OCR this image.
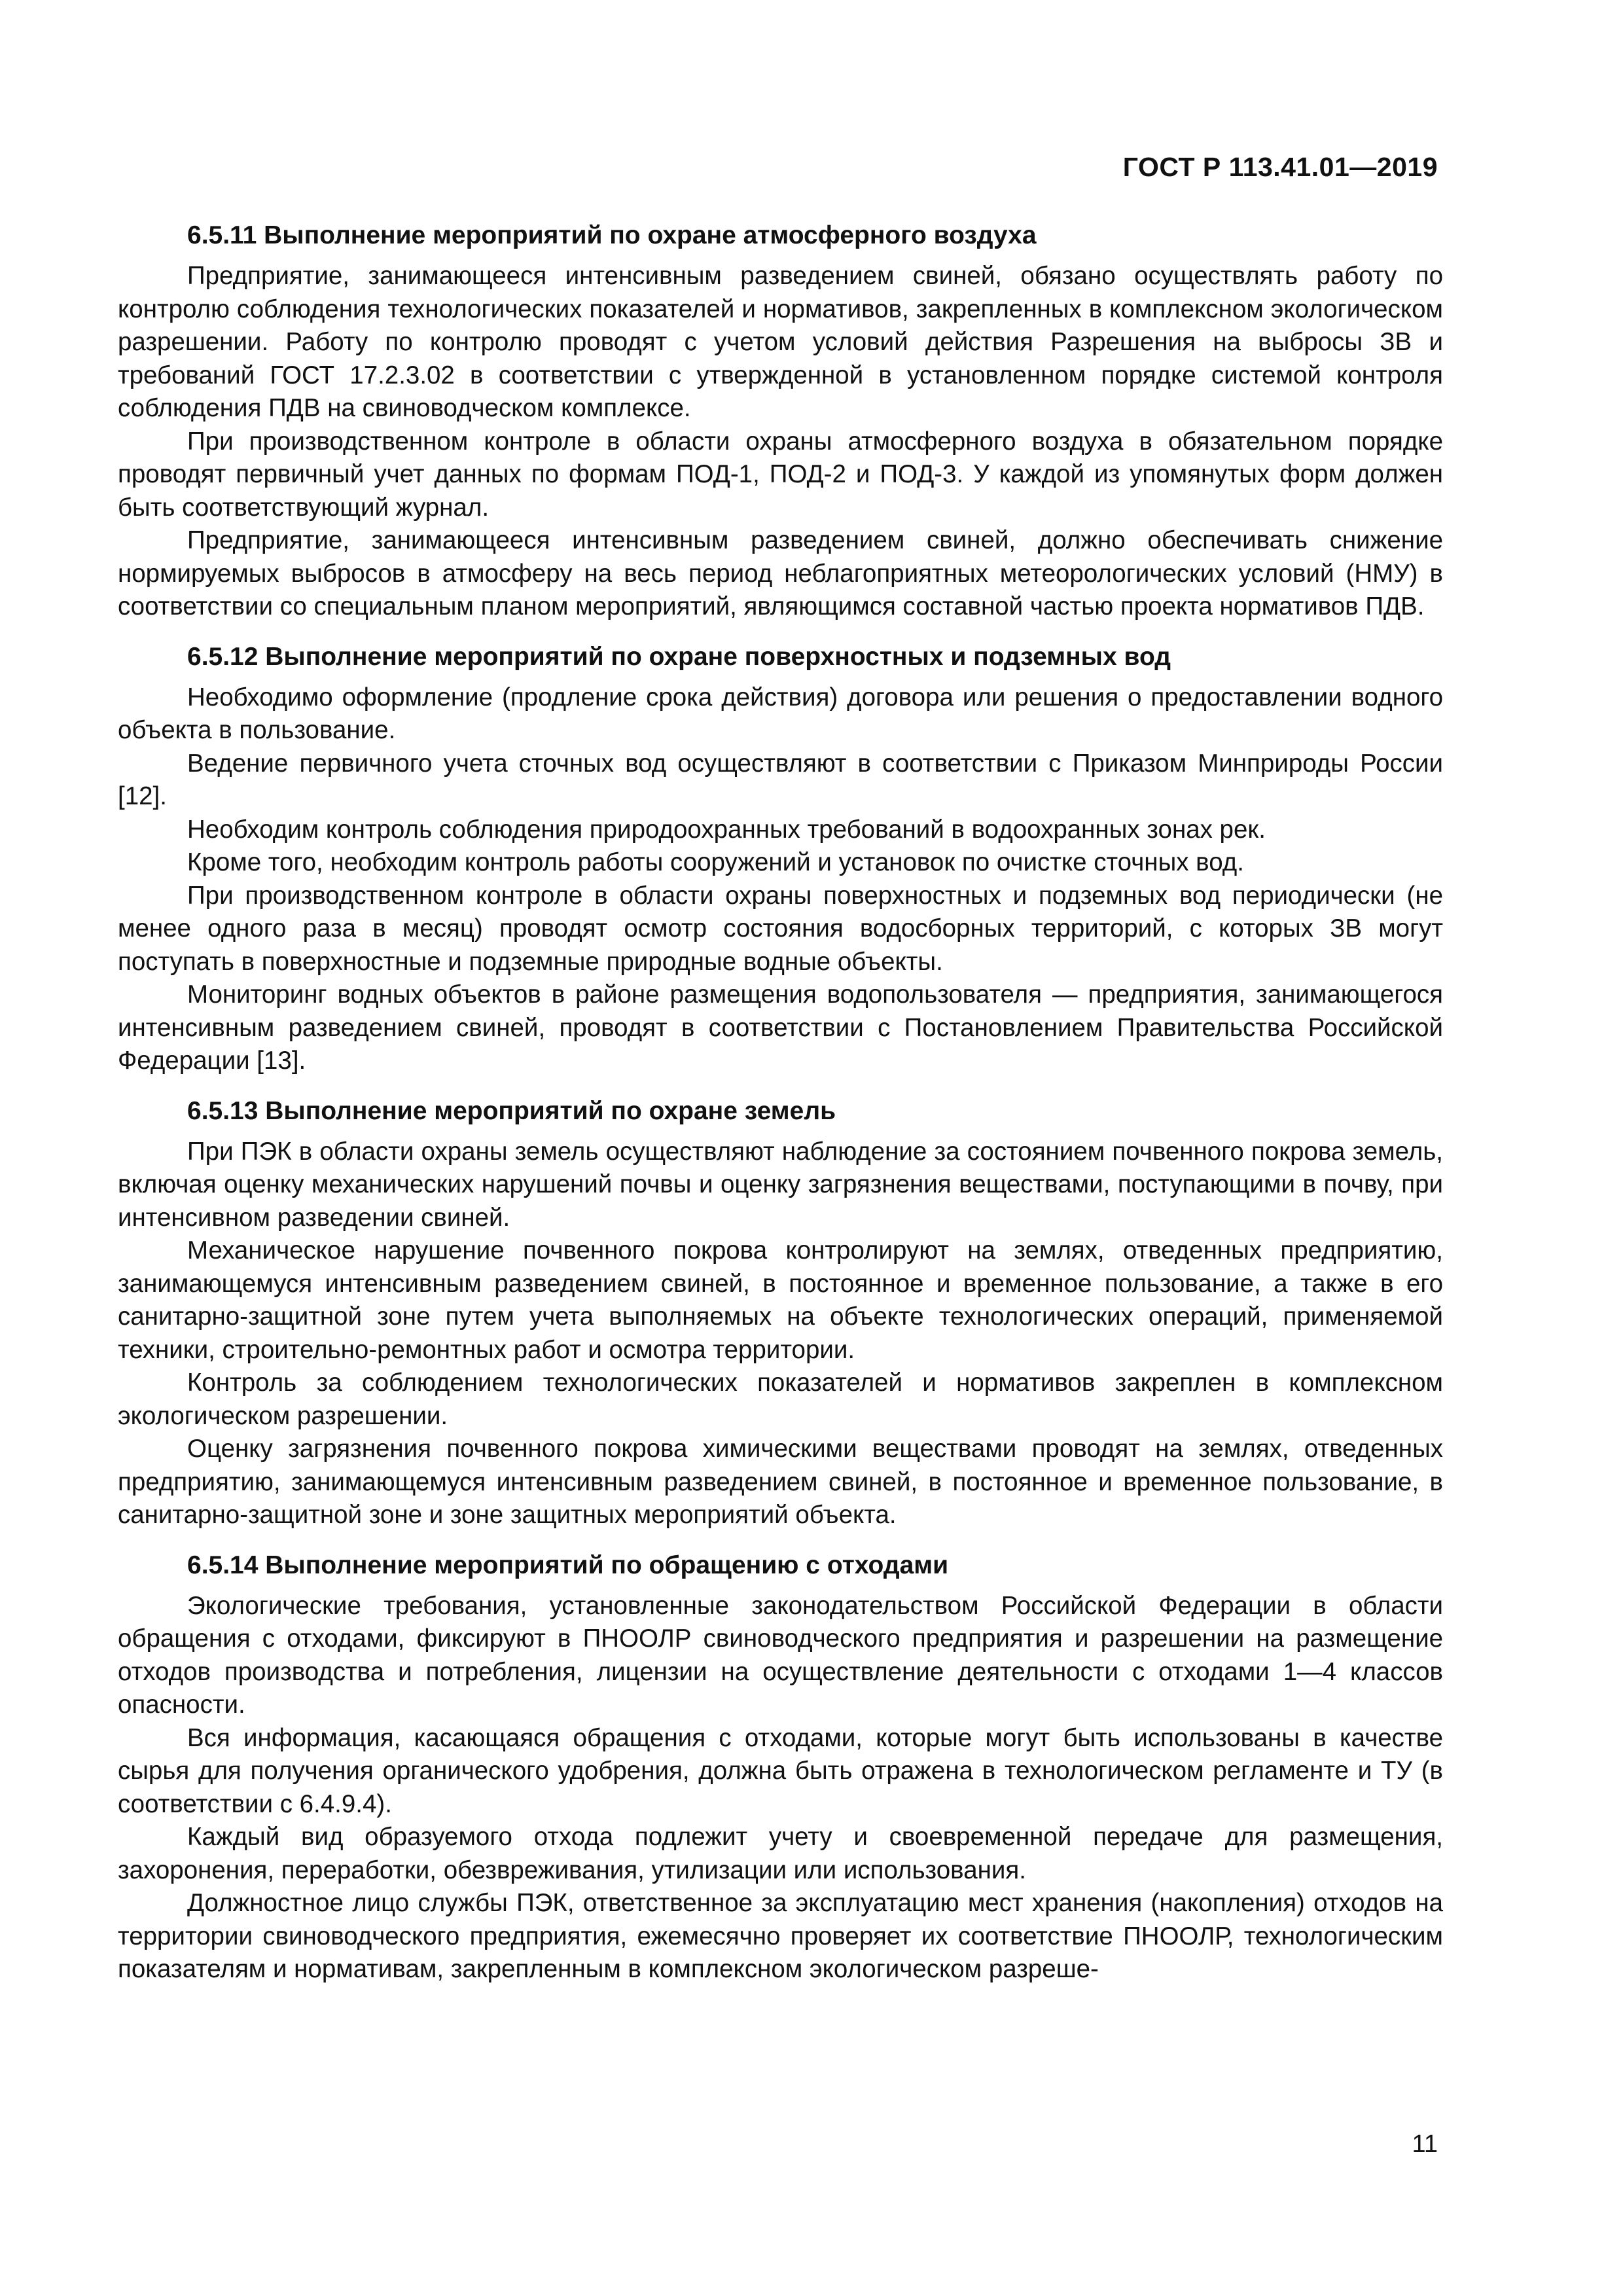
ГОСТ Р 113.41.01—2019

6.5.11 Выполнение мероприятий по охране атмосферного воздуха

Предприятие, занимающееся интенсивным разведением свиней, обязано осуществлять работу по контролю соблюдения технологических показателей и нормативов, закрепленных в комплексном экологическом разрешении. Работу по контролю проводят с учетом условий действия Разрешения на выбросы ЗВ и требований ГОСТ 17.2.3.02 в соответствии с утвержденной в установленном порядке системой контроля соблюдения ПДВ на свиноводческом комплексе.

При производственном контроле в области охраны атмосферного воздуха в обязательном порядке проводят первичный учет данных по формам ПОД-1, ПОД-2 и ПОД-3. У каждой из упомянутых форм должен быть соответствующий журнал.

Предприятие, занимающееся интенсивным разведением свиней, должно обеспечивать снижение нормируемых выбросов в атмосферу на весь период неблагоприятных метеорологических условий (НМУ) в соответствии со специальным планом мероприятий, являющимся составной частью проекта нормативов ПДВ.

6.5.12 Выполнение мероприятий по охране поверхностных и подземных вод

Необходимо оформление (продление срока действия) договора или решения о предоставлении водного объекта в пользование.

Ведение первичного учета сточных вод осуществляют в соответствии с Приказом Минприроды России [12].

Необходим контроль соблюдения природоохранных требований в водоохранных зонах рек.

Кроме того, необходим контроль работы сооружений и установок по очистке сточных вод.

При производственном контроле в области охраны поверхностных и подземных вод периодически (не менее одного раза в месяц) проводят осмотр состояния водосборных территорий, с которых ЗВ могут поступать в поверхностные и подземные природные водные объекты.

Мониторинг водных объектов в районе размещения водопользователя — предприятия, занимающегося интенсивным разведением свиней, проводят в соответствии с Постановлением Правительства Российской Федерации [13].

6.5.13 Выполнение мероприятий по охране земель

При ПЭК в области охраны земель осуществляют наблюдение за состоянием почвенного покрова земель, включая оценку механических нарушений почвы и оценку загрязнения веществами, поступающими в почву, при интенсивном разведении свиней.

Механическое нарушение почвенного покрова контролируют на землях, отведенных предприятию, занимающемуся интенсивным разведением свиней, в постоянное и временное пользование, а также в его санитарно-защитной зоне путем учета выполняемых на объекте технологических операций, применяемой техники, строительно-ремонтных работ и осмотра территории.

Контроль за соблюдением технологических показателей и нормативов закреплен в комплексном экологическом разрешении.

Оценку загрязнения почвенного покрова химическими веществами проводят на землях, отведенных предприятию, занимающемуся интенсивным разведением свиней, в постоянное и временное пользование, в санитарно-защитной зоне и зоне защитных мероприятий объекта.

6.5.14 Выполнение мероприятий по обращению с отходами

Экологические требования, установленные законодательством Российской Федерации в области обращения с отходами, фиксируют в ПНООЛР свиноводческого предприятия и разрешении на размещение отходов производства и потребления, лицензии на осуществление деятельности с отходами 1—4 классов опасности.

Вся информация, касающаяся обращения с отходами, которые могут быть использованы в качестве сырья для получения органического удобрения, должна быть отражена в технологическом регламенте и ТУ (в соответствии с 6.4.9.4).

Каждый вид образуемого отхода подлежит учету и своевременной передаче для размещения, захоронения, переработки, обезвреживания, утилизации или использования.

Должностное лицо службы ПЭК, ответственное за эксплуатацию мест хранения (накопления) отходов на территории свиноводческого предприятия, ежемесячно проверяет их соответствие ПНООЛР, технологическим показателям и нормативам, закрепленным в комплексном экологическом разреше-

11
